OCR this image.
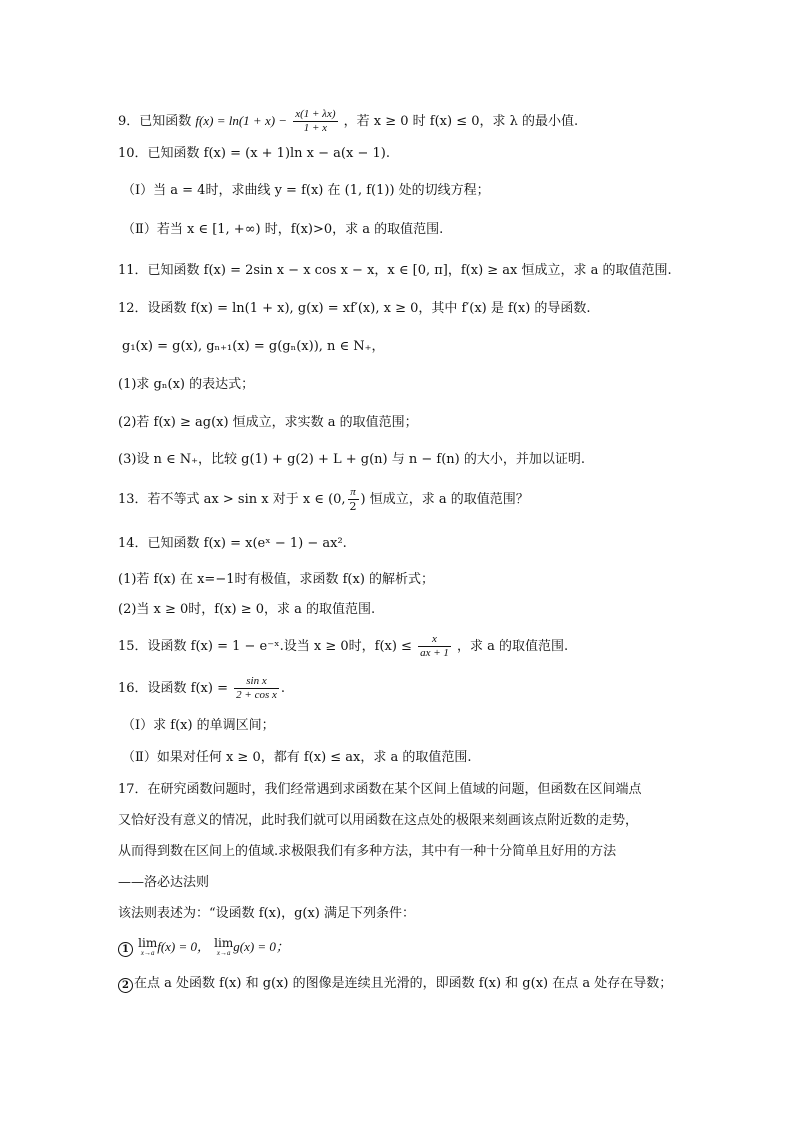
9．已知函数 $f(x) = \ln(1 + x) - \frac{x(1 + \lambda x)}{1 + x}$ ，若 x ≥ 0 时 f(x) ≤ 0，求 λ 的最小值.
10．已知函数 f(x) = (x + 1)ln x − a(x − 1).
（I）当 a = 4时，求曲线 y = f(x) 在 (1, f(1)) 处的切线方程；
（Ⅱ）若当 x ∈ [1, +∞) 时，f(x)>0，求 a 的取值范围.
11．已知函数 f(x) = 2sin x − x cos x − x，x ∈ [0, π]，f(x) ≥ ax 恒成立，求 a 的取值范围.
12．设函数 f(x) = ln(1 + x), g(x) = xf′(x), x ≥ 0，其中 f′(x) 是 f(x) 的导函数.
g₁(x) = g(x), gₙ₊₁(x) = g(gₙ(x)), n ∈ N₊，
(1)求 gₙ(x) 的表达式；
(2)若 f(x) ≥ ag(x) 恒成立，求实数 a 的取值范围；
(3)设 n ∈ N₊，比较 g(1) + g(2) + L + g(n) 与 n − f(n) 的大小，并加以证明.
13．若不等式 ax > sin x 对于 x ∈ (0, $\frac{\pi}{2}$ ) 恒成立，求 a 的取值范围？
14．已知函数 f(x) = x(eˣ − 1) − ax².
(1)若 f(x) 在 x=−1时有极值，求函数 f(x) 的解析式；
(2)当 x ≥ 0时，f(x) ≥ 0，求 a 的取值范围.
15．设函数 f(x) = 1 − e⁻ˣ.设当 x ≥ 0时，$f(x) \le \frac{x}{ax + 1}$ ，求 a 的取值范围.
16．设函数 $f(x) = \frac{\text{sin x}}{\text{2 + cos x}}$ .
（Ⅰ）求 f(x) 的单调区间；
（Ⅱ）如果对任何 x ≥ 0，都有 f(x) ≤ ax，求 a 的取值范围.
17．在研究函数问题时，我们经常遇到求函数在某个区间上值域的问题，但函数在区间端点
又恰好没有意义的情况，此时我们就可以用函数在这点处的极限来刻画该点附近数的走势，
从而得到数在区间上的值域.求极限我们有多种方法，其中有一种十分简单且好用的方法
——洛必达法则
该法则表述为：“设函数 f(x)，g(x) 满足下列条件：
1 lim
x→a f(x) = 0， lim
x→a g(x) = 0；
2 在点 a 处函数 f(x) 和 g(x) 的图像是连续且光滑的，即函数 f(x) 和 g(x) 在点 a 处存在导数；
